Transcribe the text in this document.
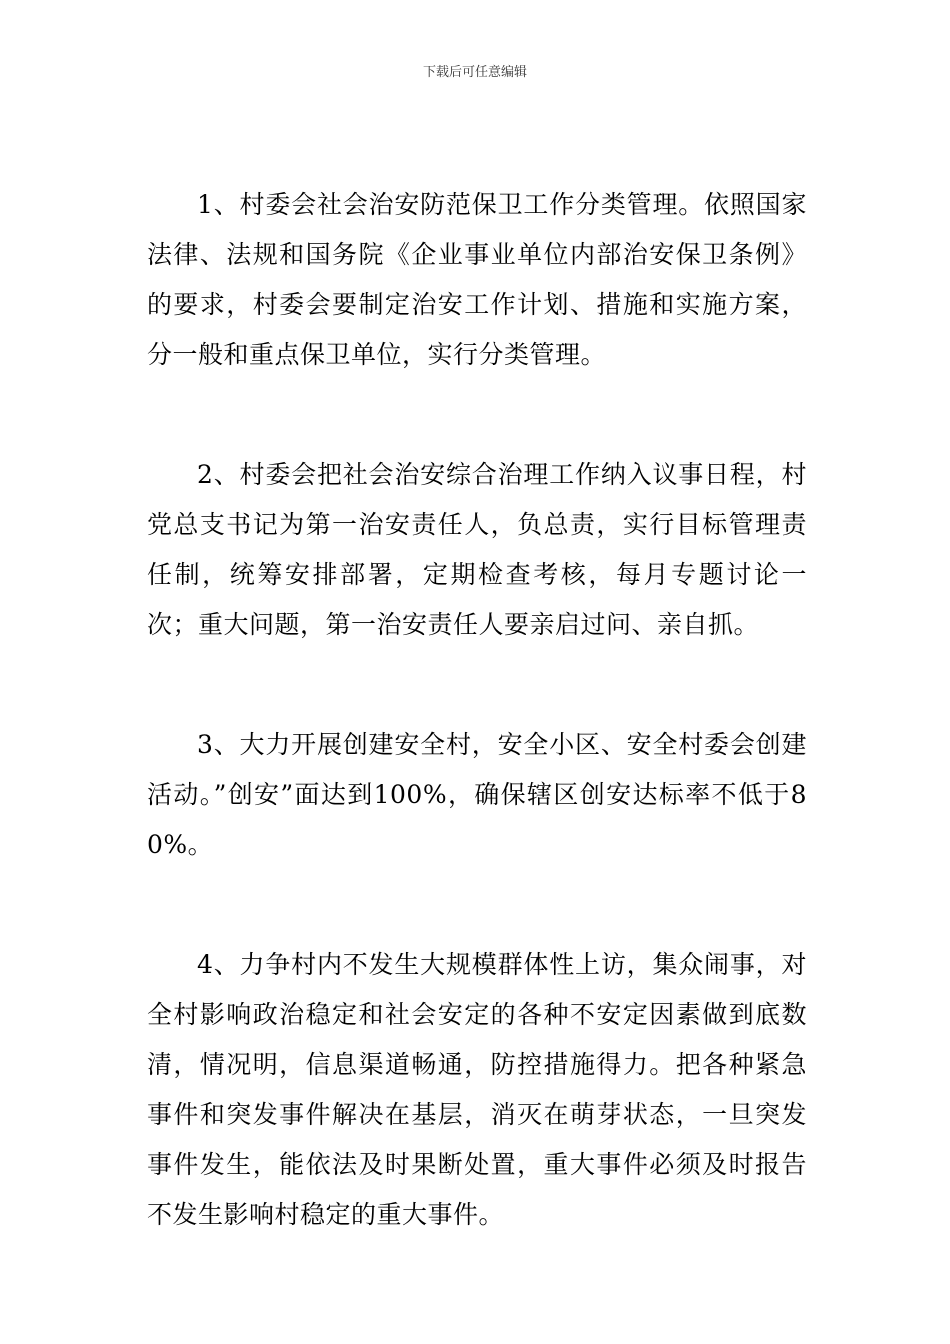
下载后可任意编辑

1、村委会社会治安防范保卫工作分类管理。依照国家法律、法规和国务院《企业事业单位内部治安保卫条例》的要求，村委会要制定治安工作计划、措施和实施方案，分一般和重点保卫单位，实行分类管理。

2、村委会把社会治安综合治理工作纳入议事日程，村党总支书记为第一治安责任人，负总责，实行目标管理责任制，统筹安排部署，定期检查考核，每月专题讨论一次；重大问题，第一治安责任人要亲启过问、亲自抓。

3、大力开展创建安全村，安全小区、安全村委会创建活动。”创安”面达到100%，确保辖区创安达标率不低于80%。

4、力争村内不发生大规模群体性上访，集众闹事，对全村影响政治稳定和社会安定的各种不安定因素做到底数清，情况明，信息渠道畅通，防控措施得力。把各种紧急事件和突发事件解决在基层，消灭在萌芽状态，一旦突发事件发生，能依法及时果断处置，重大事件必须及时报告不发生影响村稳定的重大事件。
